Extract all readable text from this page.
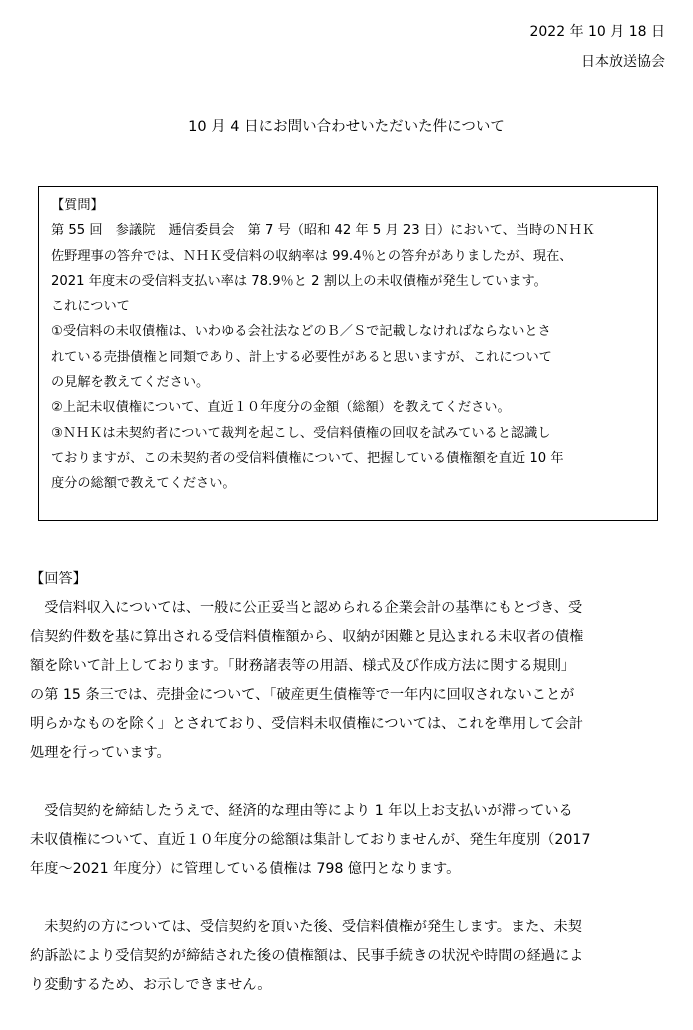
2022 年 10 月 18 日
日本放送協会
10 月 4 日にお問い合わせいただいた件について
【質問】
第 55 回　参議院　逓信委員会　第 7 号（昭和 42 年 5 月 23 日）において、当時のＮＨＫ
佐野理事の答弁では、ＮＨＫ受信料の収納率は 99.4％との答弁がありましたが、現在、
2021 年度末の受信料支払い率は 78.9％と 2 割以上の未収債権が発生しています。
これについて
①受信料の未収債権は、いわゆる会社法などのＢ／Ｓで記載しなければならないとさ
れている売掛債権と同類であり、計上する必要性があると思いますが、これについて
の見解を教えてください。
②上記未収債権について、直近１０年度分の金額（総額）を教えてください。
③ＮＨＫは未契約者について裁判を起こし、受信料債権の回収を試みていると認識し
ておりますが、この未契約者の受信料債権について、把握している債権額を直近 10 年
度分の総額で教えてください。
【回答】
　受信料収入については、一般に公正妥当と認められる企業会計の基準にもとづき、受
信契約件数を基に算出される受信料債権額から、収納が困難と見込まれる未収者の債権
額を除いて計上しております。「財務諸表等の用語、様式及び作成方法に関する規則」
の第 15 条三では、売掛金について、「破産更生債権等で一年内に回収されないことが
明らかなものを除く」とされており、受信料未収債権については、これを準用して会計
処理を行っています。
　受信契約を締結したうえで、経済的な理由等により 1 年以上お支払いが滞っている
未収債権について、直近１０年度分の総額は集計しておりませんが、発生年度別（2017
年度～2021 年度分）に管理している債権は 798 億円となります。
　未契約の方については、受信契約を頂いた後、受信料債権が発生します。また、未契
約訴訟により受信契約が締結された後の債権額は、民事手続きの状況や時間の経過によ
り変動するため、お示しできません。
